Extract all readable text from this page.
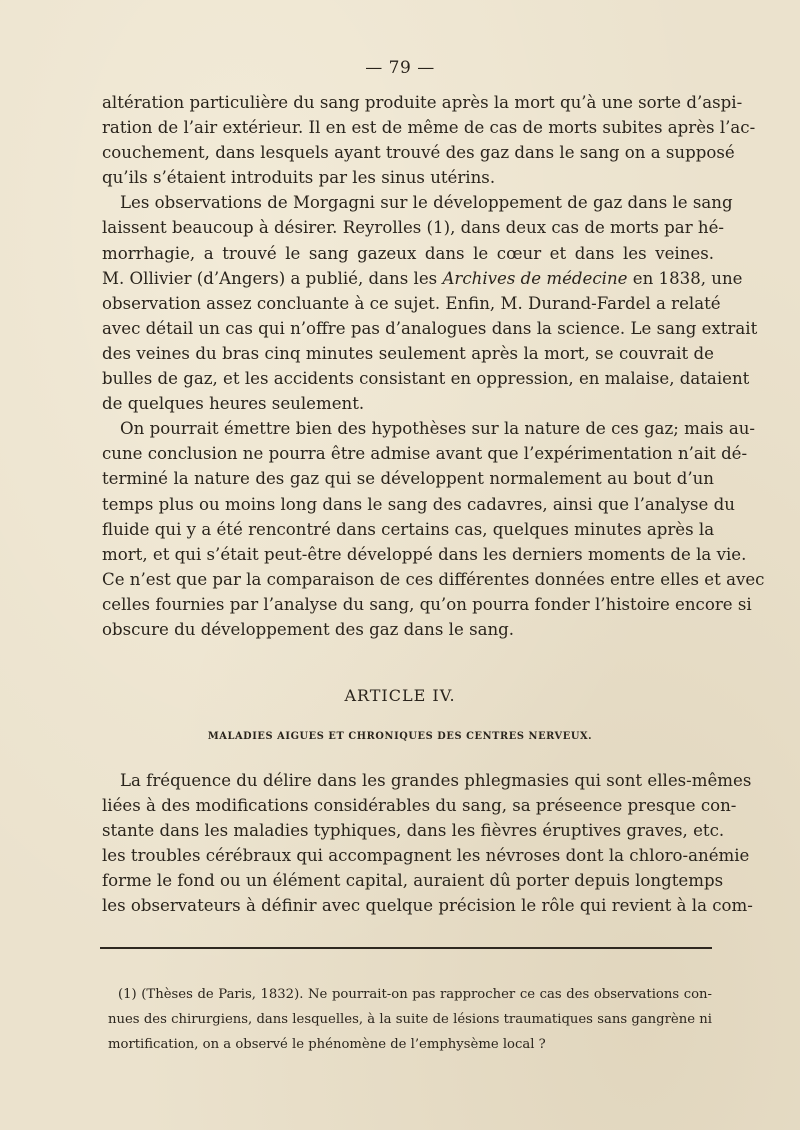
— 79 —

altération particulière du sang produite après la mort qu’à une sorte d’aspi-
ration de l’air extérieur. Il en est de même de cas de morts subites après l’ac-
couchement, dans lesquels ayant trouvé des gaz dans le sang on a supposé
qu’ils s’étaient introduits par les sinus utérins.

Les observations de Morgagni sur le développement de gaz dans le sang
laissent beaucoup à désirer. Reyrolles (1), dans deux cas de morts par hé-
morrhagie, a trouvé le sang gazeux dans le cœur et dans les veines.
M. Ollivier (d’Angers) a publié, dans les Archives de médecine en 1838, une
observation assez concluante à ce sujet. Enfin, M. Durand-Fardel a relaté
avec détail un cas qui n’offre pas d’analogues dans la science. Le sang extrait
des veines du bras cinq minutes seulement après la mort, se couvrait de
bulles de gaz, et les accidents consistant en oppression, en malaise, dataient
de quelques heures seulement.

On pourrait émettre bien des hypothèses sur la nature de ces gaz; mais au-
cune conclusion ne pourra être admise avant que l’expérimentation n’ait dé-
terminé la nature des gaz qui se développent normalement au bout d’un
temps plus ou moins long dans le sang des cadavres, ainsi que l’analyse du
fluide qui y a été rencontré dans certains cas, quelques minutes après la
mort, et qui s’était peut-être développé dans les derniers moments de la vie.
Ce n’est que par la comparaison de ces différentes données entre elles et avec
celles fournies par l’analyse du sang, qu’on pourra fonder l’histoire encore si
obscure du développement des gaz dans le sang.

ARTICLE IV.
MALADIES AIGUES ET CHRONIQUES DES CENTRES NERVEUX.

La fréquence du délire dans les grandes phlegmasies qui sont elles-mêmes
liées à des modifications considérables du sang, sa préseence presque con-
stante dans les maladies typhiques, dans les fièvres éruptives graves, etc.
les troubles cérébraux qui accompagnent les névroses dont la chloro-anémie
forme le fond ou un élément capital, auraient dû porter depuis longtemps
les observateurs à définir avec quelque précision le rôle qui revient à la com-

(1) (Thèses de Paris, 1832). Ne pourrait-on pas rapprocher ce cas des observations con-
nues des chirurgiens, dans lesquelles, à la suite de lésions traumatiques sans gangrène ni
mortification, on a observé le phénomène de l’emphysème local ?
